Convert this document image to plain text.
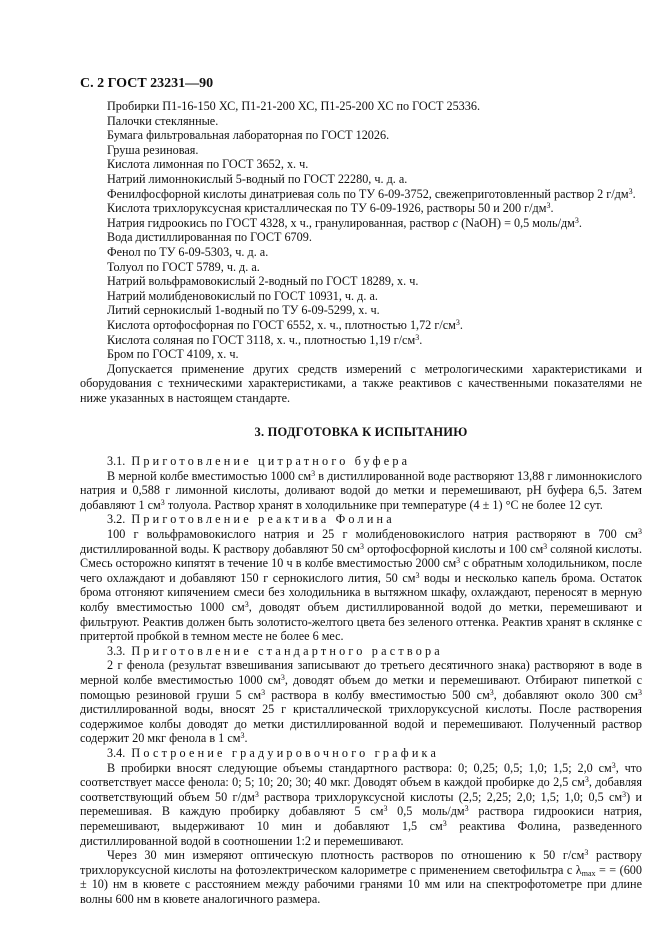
С. 2 ГОСТ 23231—90

Пробирки П1-16-150 ХС, П1-21-200 ХС, П1-25-200 ХС по ГОСТ 25336.

Палочки стеклянные.

Бумага фильтровальная лабораторная по ГОСТ 12026.

Груша резиновая.

Кислота лимонная по ГОСТ 3652, х. ч.

Натрий лимоннокислый 5-водный по ГОСТ 22280, ч. д. а.

Фенилфосфорной кислоты динатриевая соль по ТУ 6-09-3752, свежеприготовленный раствор 2 $г/дм^3$.

Кислота трихлоруксусная кристаллическая по ТУ 6-09-1926, растворы 50 и 200 $г/дм^3$.

Натрия гидроокись по ГОСТ 4328, х ч., гранулированная, раствор c (NaOH) = 0,5 моль/$дм^3$.

Вода дистиллированная по ГОСТ 6709.

Фенол по ТУ 6-09-5303, ч. д. а.

Толуол по ГОСТ 5789, ч. д. а.

Натрий вольфрамовокислый 2-водный по ГОСТ 18289, х. ч.

Натрий молибденовокислый по ГОСТ 10931, ч. д. а.

Литий сернокислый 1-водный по ТУ 6-09-5299, х. ч.

Кислота ортофосфорная по ГОСТ 6552, х. ч., плотностью 1,72 $г/см^3$.

Кислота соляная по ГОСТ 3118, х. ч., плотностью 1,19 $г/см^3$.

Бром по ГОСТ 4109, х. ч.

Допускается применение других средств измерений с метрологическими характеристиками и оборудования с техническими характеристиками, а также реактивов с качественными показателями не ниже указанных в настоящем стандарте.

3. ПОДГОТОВКА К ИСПЫТАНИЮ

3.1. Приготовление цитратного буфера

В мерной колбе вместимостью 1000 $см^3$ в дистиллированной воде растворяют 13,88 г лимоннокислого натрия и 0,588 г лимонной кислоты, доливают водой до метки и перемешивают, рН буфера 6,5. Затем добавляют 1 $см^3$ толуола. Раствор хранят в холодильнике при температуре (4 ± 1) °С не более 12 сут.

3.2. Приготовление реактива Фолина

100 г вольфрамовокислого натрия и 25 г молибденовокислого натрия растворяют в 700 $см^3$ дистиллированной воды. К раствору добавляют 50 $см^3$ ортофосфорной кислоты и 100 $см^3$ соляной кислоты. Смесь осторожно кипятят в течение 10 ч в колбе вместимостью 2000 $см^3$ с обратным холодильником, после чего охлаждают и добавляют 150 г сернокислого лития, 50 $см^3$ воды и несколько капель брома. Остаток брома отгоняют кипячением смеси без холодильника в вытяжном шкафу, охлаждают, переносят в мерную колбу вместимостью 1000 $см^3$, доводят объем дистиллированной водой до метки, перемешивают и фильтруют. Реактив должен быть золотисто-желтого цвета без зеленого оттенка. Реактив хранят в склянке с притертой пробкой в темном месте не более 6 мес.

3.3. Приготовление стандартного раствора

2 г фенола (результат взвешивания записывают до третьего десятичного знака) растворяют в воде в мерной колбе вместимостью 1000 $см^3$, доводят объем до метки и перемешивают. Отбирают пипеткой с помощью резиновой груши 5 $см^3$ раствора в колбу вместимостью 500 $см^3$, добавляют около 300 $см^3$ дистиллированной воды, вносят 25 г кристаллической трихлоруксусной кислоты. После растворения содержимое колбы доводят до метки дистиллированной водой и перемешивают. Полученный раствор содержит 20 мкг фенола в 1 $см^3$.

3.4. Построение градуировочного графика

В пробирки вносят следующие объемы стандартного раствора: 0; 0,25; 0,5; 1,0; 1,5; 2,0 $см^3$, что соответствует массе фенола: 0; 5; 10; 20; 30; 40 мкг. Доводят объем в каждой пробирке до 2,5 $см^3$, добавляя соответствующий объем 50 $г/дм^3$ раствора трихлоруксусной кислоты (2,5; 2,25; 2,0; 1,5; 1,0; 0,5 $см^3$) и перемешивая. В каждую пробирку добавляют 5 $см^3$ 0,5 моль/$дм^3$ раствора гидроокиси натрия, перемешивают, выдерживают 10 мин и добавляют 1,5 $см^3$ реактива Фолина, разведенного дистиллированной водой в соотношении 1:2 и перемешивают.

Через 30 мин измеряют оптическую плотность растворов по отношению к 50 $г/см^3$ раствору трихлоруксусной кислоты на фотоэлектрическом калориметре с применением светофильтра с $\lambda_{max}$ = = (600 ± 10) нм в кювете с расстоянием между рабочими гранями 10 мм или на спектрофотометре при длине волны 600 нм в кювете аналогичного размера.
